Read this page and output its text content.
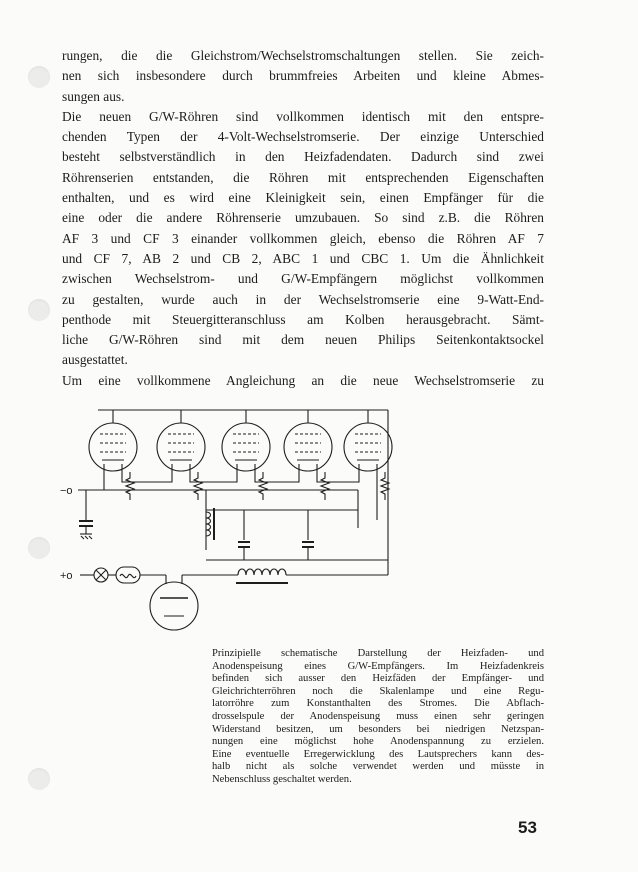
rungen, die die Gleichstrom/Wechselstromschaltungen stellen. Sie zeich-
nen sich insbesondere durch brummfreies Arbeiten und kleine Abmes-
sungen aus.

Die neuen G/W-Röhren sind vollkommen identisch mit den entspre-
chenden Typen der 4-Volt-Wechselstromserie. Der einzige Unterschied
besteht selbstverständlich in den Heizfadendaten. Dadurch sind zwei
Röhrenserien entstanden, die Röhren mit entsprechenden Eigenschaften
enthalten, und es wird eine Kleinigkeit sein, einen Empfänger für die
eine oder die andere Röhrenserie umzubauen. So sind z.B. die Röhren
AF 3 und CF 3 einander vollkommen gleich, ebenso die Röhren AF 7
und CF 7, AB 2 und CB 2, ABC 1 und CBC 1. Um die Ähnlichkeit
zwischen Wechselstrom- und G/W-Empfängern möglichst vollkommen
zu gestalten, wurde auch in der Wechselstromserie eine 9-Watt-End-
penthode mit Steuergitteranschluss am Kolben herausgebracht. Sämt-
liche G/W-Röhren sind mit dem neuen Philips Seitenkontaktsockel
ausgestattet.

Um eine vollkommene Angleichung an die neue Wechselstromserie zu

−o
+o
Prinzipielle schematische Darstellung der Heizfaden- und
Anodenspeisung eines G/W-Empfängers. Im Heizfadenkreis
befinden sich ausser den Heizfäden der Empfänger- und
Gleichrichterröhren noch die Skalenlampe und eine Regu-
latorröhre zum Konstanthalten des Stromes. Die Abflach-
drosselspule der Anodenspeisung muss einen sehr geringen
Widerstand besitzen, um besonders bei niedrigen Netzspan-
nungen eine möglichst hohe Anodenspannung zu erzielen.
Eine eventuelle Erregerwicklung des Lautsprechers kann des-
halb nicht als solche verwendet werden und müsste in
Nebenschluss geschaltet werden.
53
